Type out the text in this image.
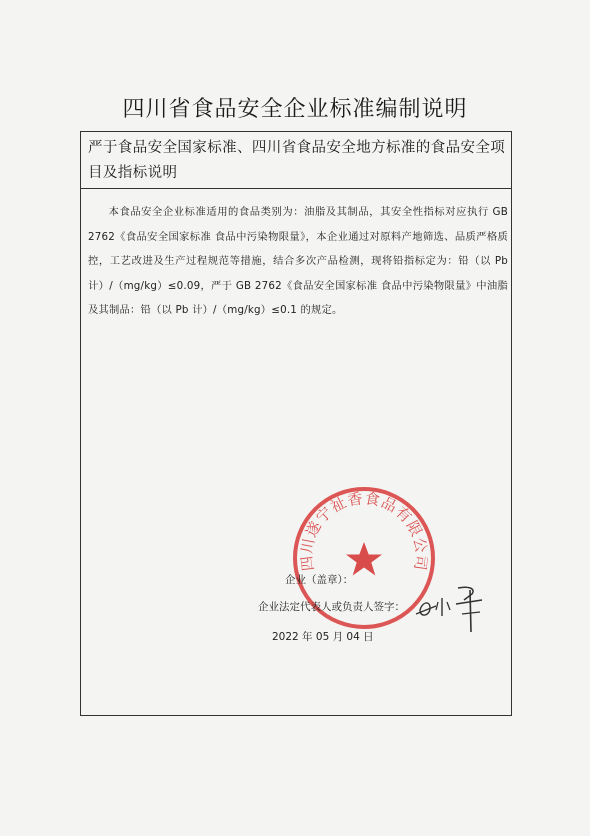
四川省食品安全企业标准编制说明
严于食品安全国家标准、四川省食品安全地方标准的食品安全项目及指标说明
本食品安全企业标准适用的食品类别为：油脂及其制品，其安全性指标对应执行 GB 2762《食品安全国家标准 食品中污染物限量》，本企业通过对原料产地筛选、品质严格质控，工艺改进及生产过程规范等措施，结合多次产品检测，现将铅指标定为：铅（以 Pb 计）/（mg/kg）≤0.09，严于 GB 2762《食品安全国家标准 食品中污染物限量》中油脂及其制品：铅（以 Pb 计）/（mg/kg）≤0.1 的规定。
四川遂宁祉香食品有限公司
企业（盖章）：
企业法定代表人或负责人签字：
2022 年 05 月 04 日
